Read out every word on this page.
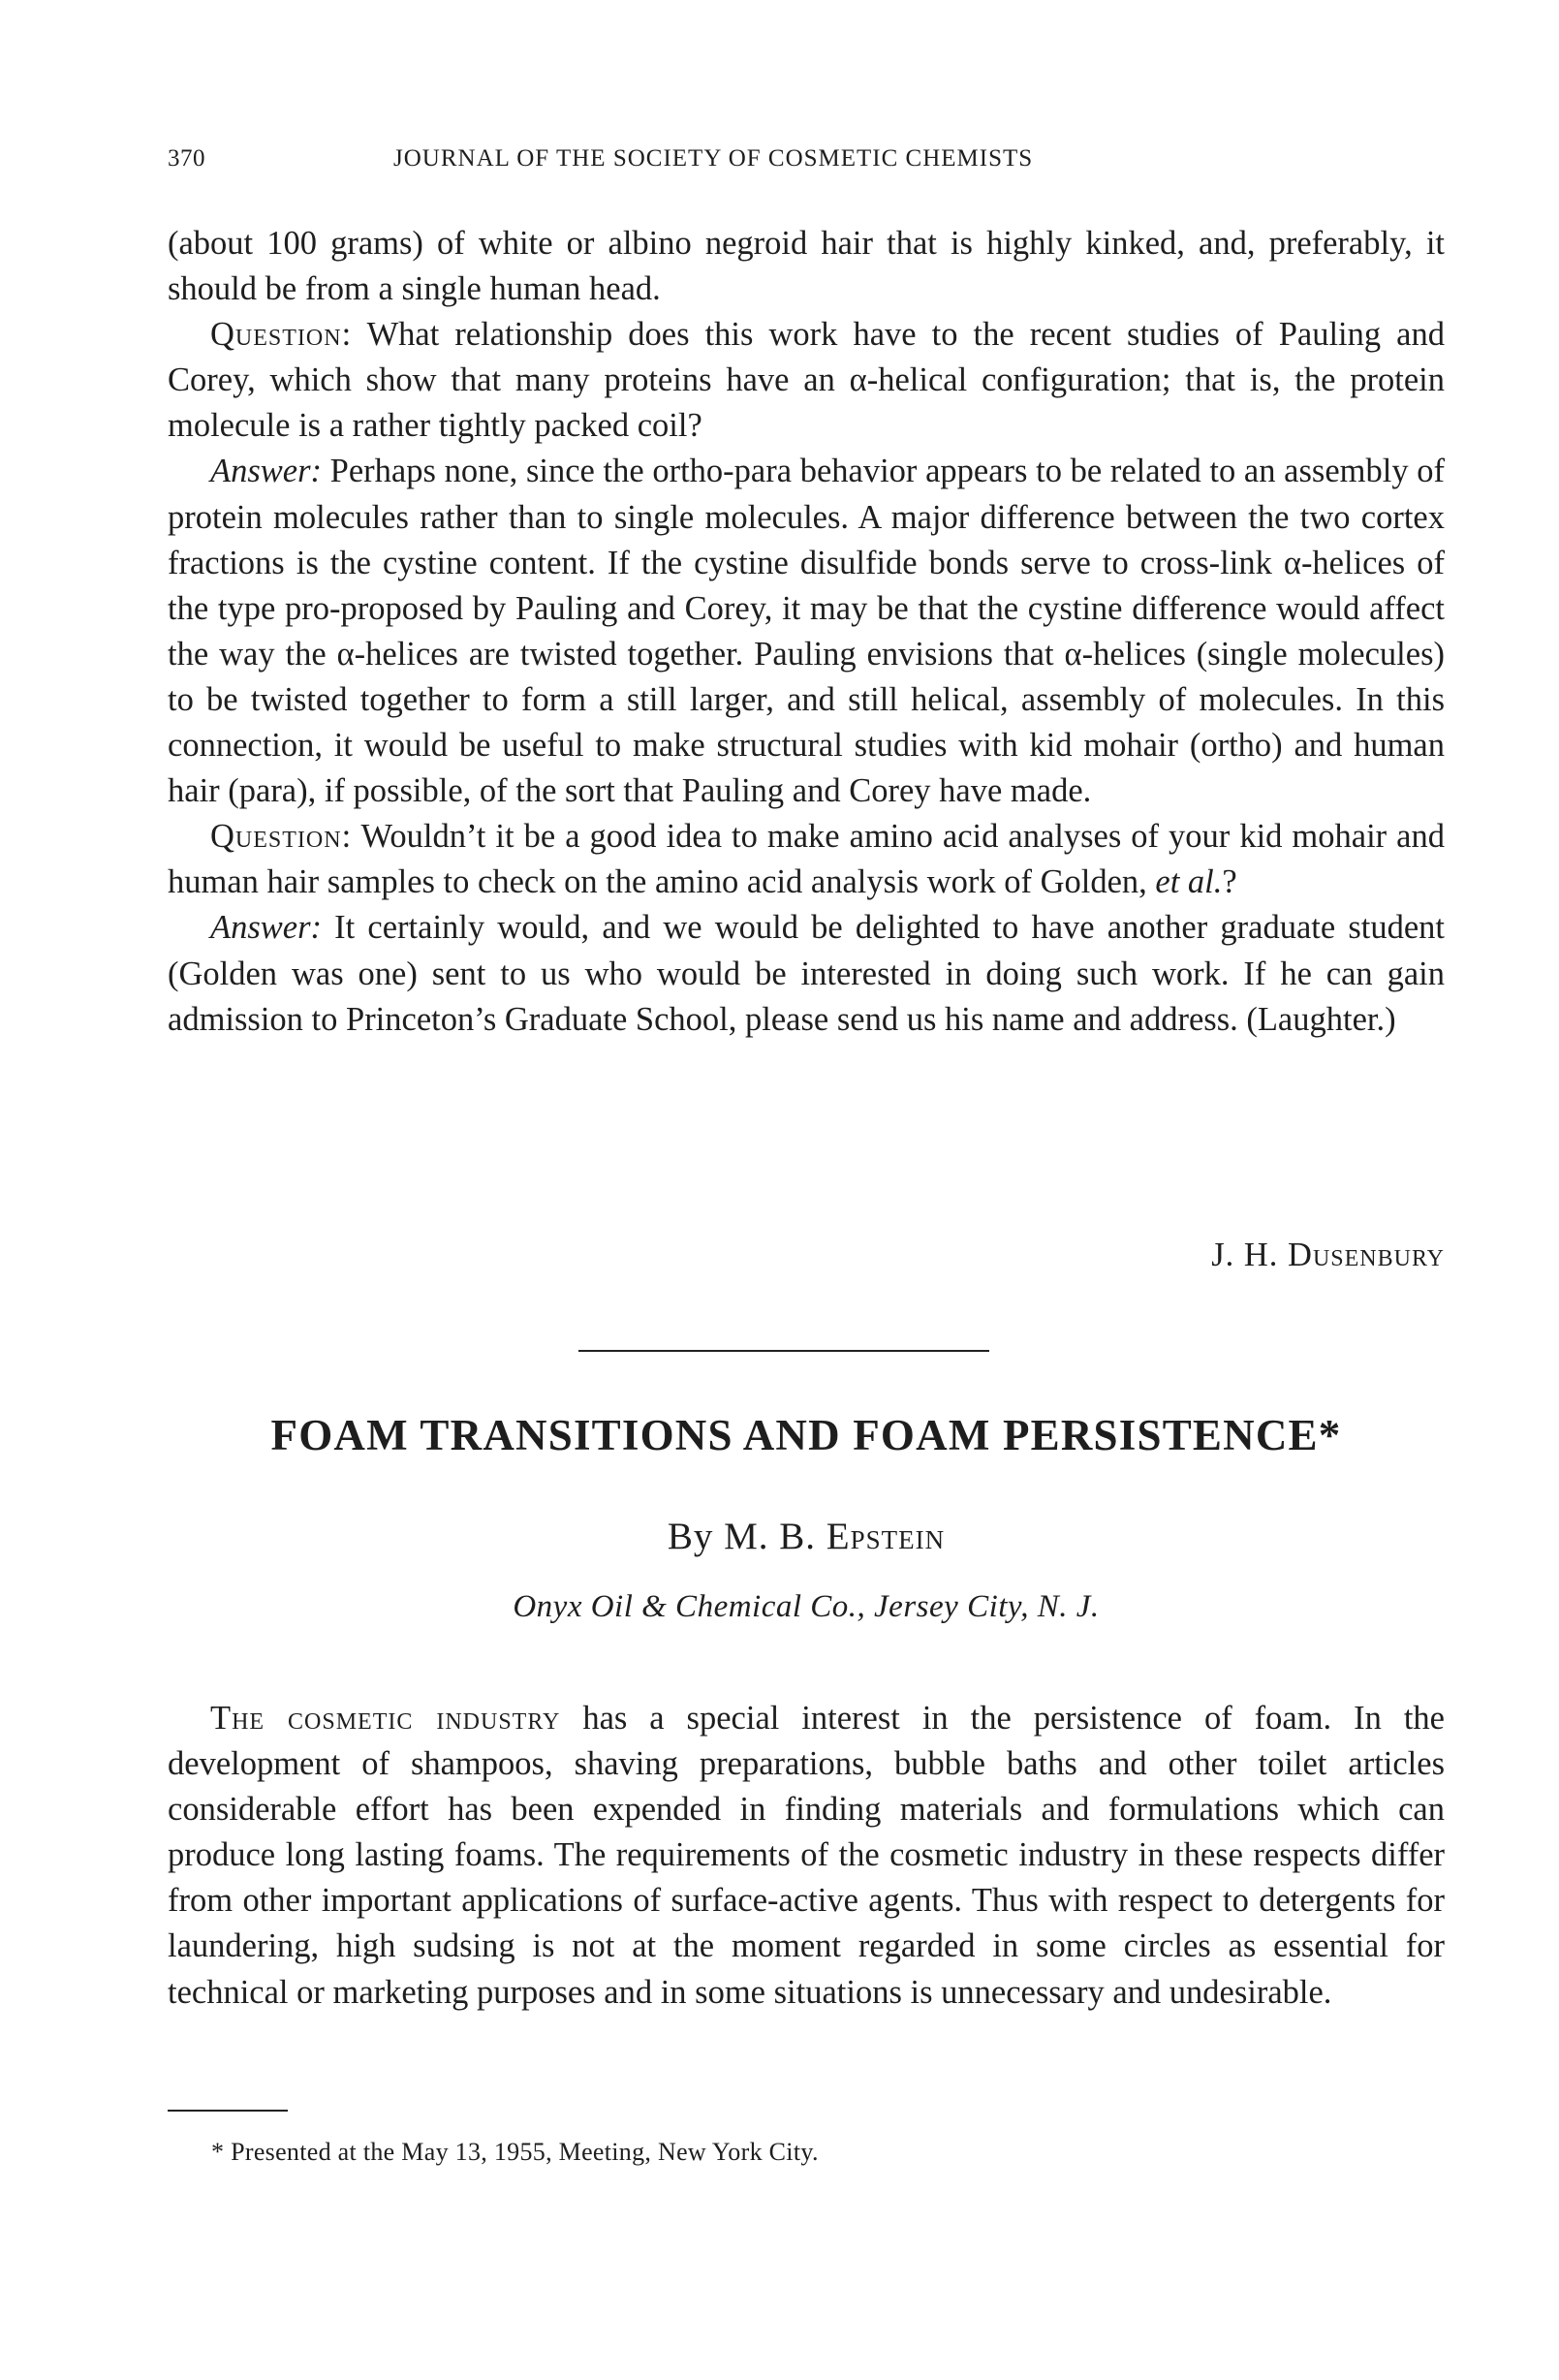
370	JOURNAL OF THE SOCIETY OF COSMETIC CHEMISTS

(about 100 grams) of white or albino negroid hair that is highly kinked, and, preferably, it should be from a single human head.

Question: What relationship does this work have to the recent studies of Pauling and Corey, which show that many proteins have an α-helical configuration; that is, the protein molecule is a rather tightly packed coil?

Answer: Perhaps none, since the ortho-para behavior appears to be related to an assembly of protein molecules rather than to single molecules. A major difference between the two cortex fractions is the cystine content. If the cystine disulfide bonds serve to cross-link α-helices of the type pro-proposed by Pauling and Corey, it may be that the cystine difference would affect the way the α-helices are twisted together. Pauling envisions that α-helices (single molecules) to be twisted together to form a still larger, and still helical, assembly of molecules. In this connection, it would be useful to make structural studies with kid mohair (ortho) and human hair (para), if possible, of the sort that Pauling and Corey have made.

Question: Wouldn’t it be a good idea to make amino acid analyses of your kid mohair and human hair samples to check on the amino acid analysis work of Golden, et al.?

Answer: It certainly would, and we would be delighted to have another graduate student (Golden was one) sent to us who would be interested in doing such work. If he can gain admission to Princeton’s Graduate School, please send us his name and address. (Laughter.)

J. H. Dusenbury
FOAM TRANSITIONS AND FOAM PERSISTENCE*
By M. B. Epstein
Onyx Oil & Chemical Co., Jersey City, N. J.

The cosmetic industry has a special interest in the persistence of foam. In the development of shampoos, shaving preparations, bubble baths and other toilet articles considerable effort has been expended in finding materials and formulations which can produce long lasting foams. The requirements of the cosmetic industry in these respects differ from other important applications of surface-active agents. Thus with respect to detergents for laundering, high sudsing is not at the moment regarded in some circles as essential for technical or marketing purposes and in some situations is unnecessary and undesirable.

* Presented at the May 13, 1955, Meeting, New York City.
